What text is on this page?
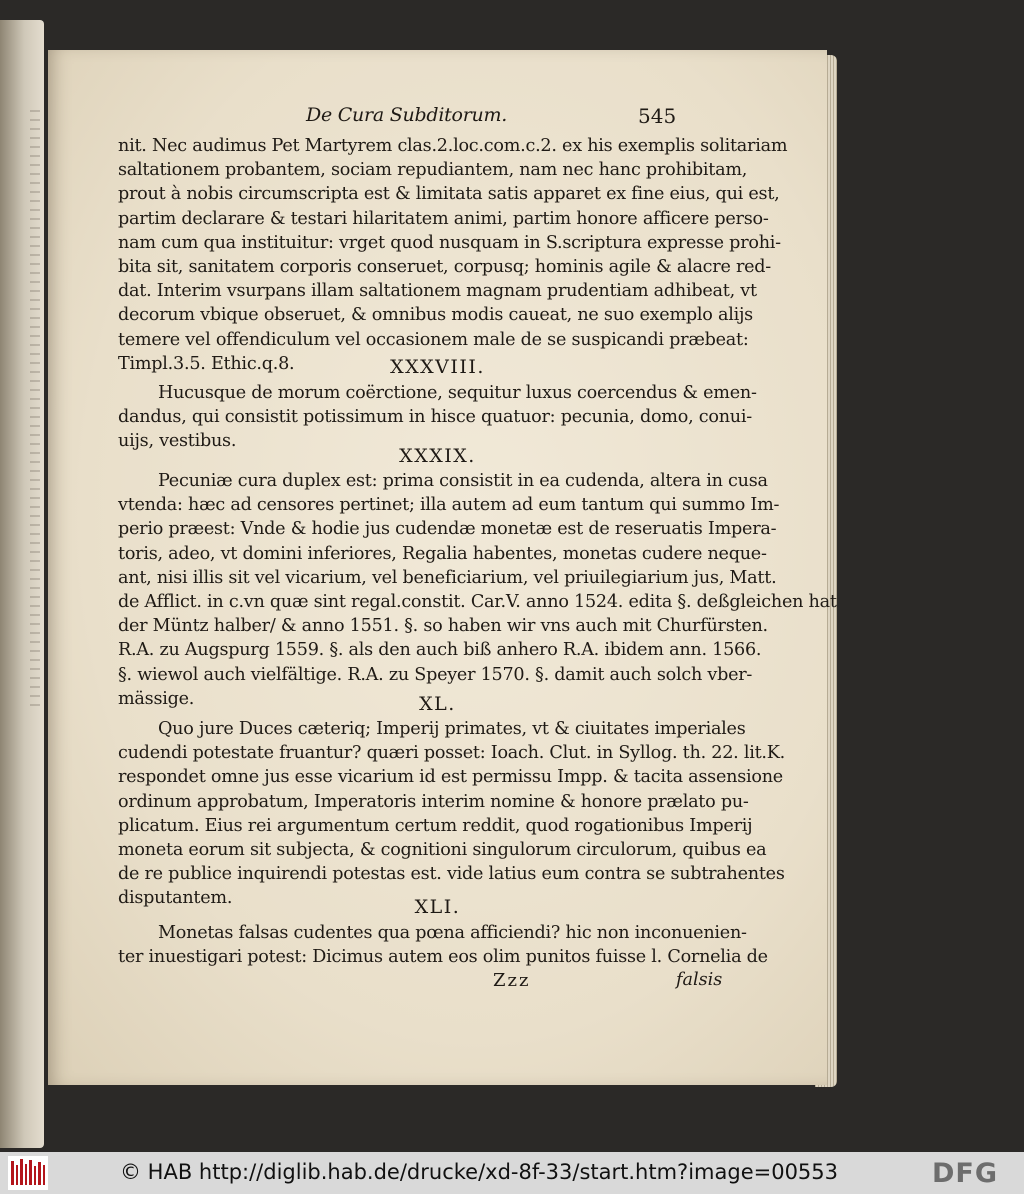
De Cura Subditorum.	545
nit. Nec audimus Pet Martyrem clas.2.loc.com.c.2. ex his exemplis solitariam
saltationem probantem, sociam repudiantem, nam nec hanc prohibitam,
prout à nobis circumscripta est & limitata satis apparet ex fine eius, qui est,
partim declarare & testari hilaritatem animi, partim honore afficere perso-
nam cum qua instituitur: vrget quod nusquam in S.scriptura expresse prohi-
bita sit, sanitatem corporis conseruet, corpusq; hominis agile & alacre red-
dat. Interim vsurpans illam saltationem magnam prudentiam adhibeat, vt
decorum vbique obseruet, & omnibus modis caueat, ne suo exemplo alijs
temere vel offendiculum vel occasionem male de se suspicandi præbeat:
Timpl.3.5. Ethic.q.8.	XXXVIII.
Hucusque de morum coërctione, sequitur luxus coercendus & emen-
dandus, qui consistit potissimum in hisce quatuor: pecunia, domo, conui-
uijs, vestibus.
XXXIX.
Pecuniæ cura duplex est: prima consistit in ea cudenda, altera in cusa
vtenda: hæc ad censores pertinet; illa autem ad eum tantum qui summo Im-
perio præest: Vnde & hodie jus cudendæ monetæ est de reseruatis Impera-
toris, adeo, vt domini inferiores, Regalia habentes, monetas cudere neque-
ant, nisi illis sit vel vicarium, vel beneficiarium, vel priuilegiarium jus, Matt.
de Afflict. in c.vn quæ sint regal.constit. Car.V. anno 1524. edita §. deßgleichen hat
der Müntz halber/ & anno 1551. §. so haben wir vns auch mit Churfürsten.
R.A. zu Augspurg 1559. §. als den auch biß anhero R.A. ibidem ann. 1566.
§. wiewol auch vielfältige. R.A. zu Speyer 1570. §. damit auch solch vber-
mässige.	XL.
Quo jure Duces cæteriq; Imperij primates, vt & ciuitates imperiales
cudendi potestate fruantur? quæri posset: Ioach. Clut. in Syllog. th. 22. lit.K.
respondet omne jus esse vicarium id est permissu Impp. & tacita assensione
ordinum approbatum, Imperatoris interim nomine & honore prælato pu-
plicatum. Eius rei argumentum certum reddit, quod rogationibus Imperij
moneta eorum sit subjecta, & cognitioni singulorum circulorum, quibus ea
de re publice inquirendi potestas est. vide latius eum contra se subtrahentes
disputantem.	XLI.
Monetas falsas cudentes qua pœna afficiendi? hic non inconuenien-
ter inuestigari potest: Dicimus autem eos olim punitos fuisse l. Cornelia de
Zzz	falsis
© HAB http://diglib.hab.de/drucke/xd-8f-33/start.htm?image=00553	DFG
